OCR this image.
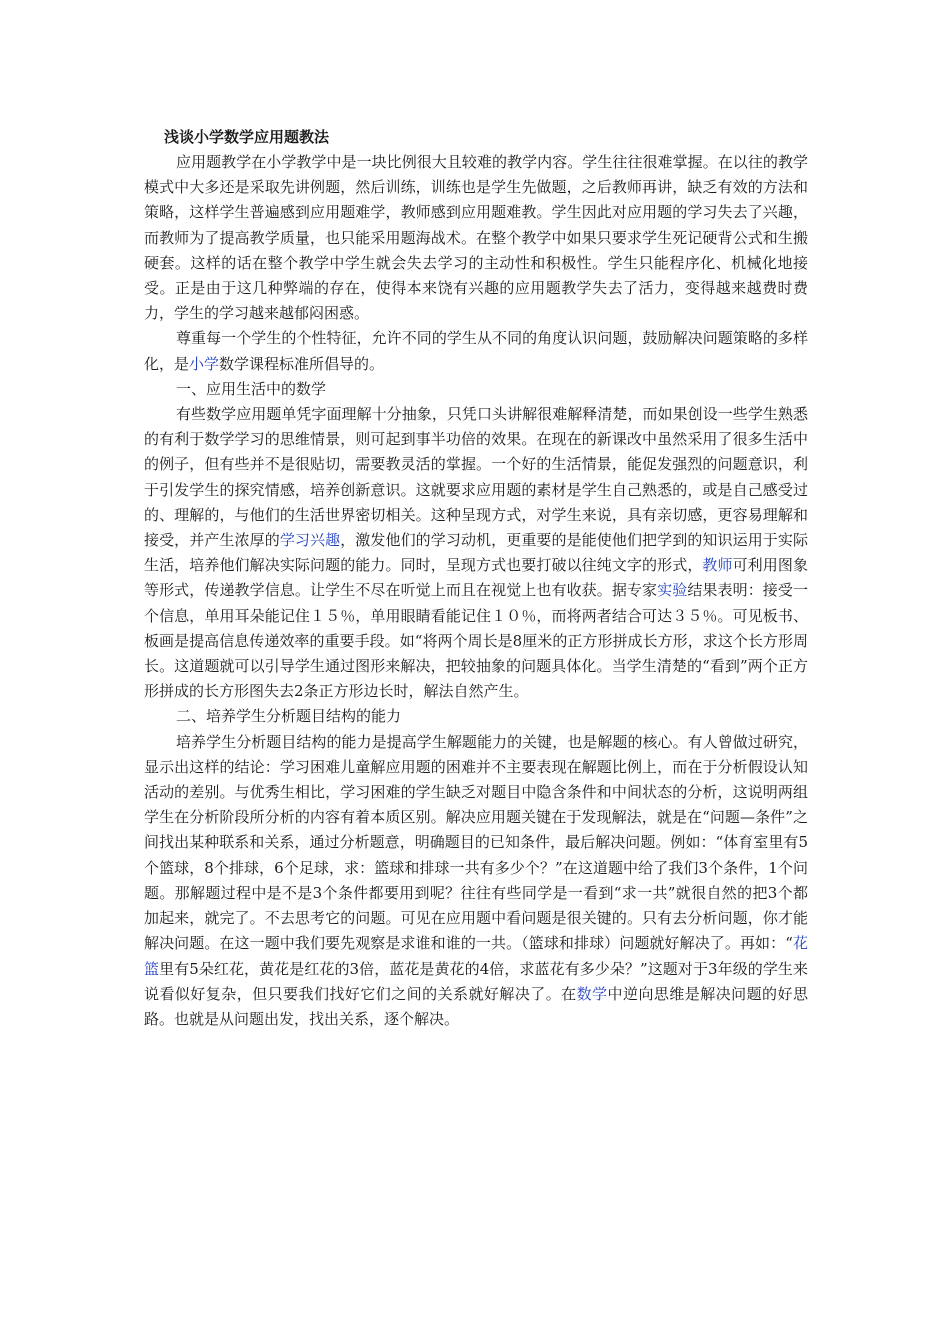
浅谈小学数学应用题教法

应用题教学在小学教学中是一块比例很大且较难的教学内容。学生往往很难掌握。在以往的教学模式中大多还是采取先讲例题，然后训练，训练也是学生先做题，之后教师再讲，缺乏有效的方法和策略，这样学生普遍感到应用题难学，教师感到应用题难教。学生因此对应用题的学习失去了兴趣，而教师为了提高教学质量，也只能采用题海战术。在整个教学中如果只要求学生死记硬背公式和生搬硬套。这样的话在整个教学中学生就会失去学习的主动性和积极性。学生只能程序化、机械化地接受。正是由于这几种弊端的存在，使得本来饶有兴趣的应用题教学失去了活力，变得越来越费时费力，学生的学习越来越郁闷困惑。

尊重每一个学生的个性特征，允许不同的学生从不同的角度认识问题，鼓励解决问题策略的多样化，是小学数学课程标准所倡导的。

一、应用生活中的数学

有些数学应用题单凭字面理解十分抽象，只凭口头讲解很难解释清楚，而如果创设一些学生熟悉的有利于数学学习的思维情景，则可起到事半功倍的效果。在现在的新课改中虽然采用了很多生活中的例子，但有些并不是很贴切，需要教灵活的掌握。一个好的生活情景，能促发强烈的问题意识，利于引发学生的探究情感，培养创新意识。这就要求应用题的素材是学生自己熟悉的，或是自己感受过的、理解的，与他们的生活世界密切相关。这种呈现方式，对学生来说，具有亲切感，更容易理解和接受，并产生浓厚的学习兴趣，激发他们的学习动机，更重要的是能使他们把学到的知识运用于实际生活，培养他们解决实际问题的能力。同时，呈现方式也要打破以往纯文字的形式，教师可利用图象等形式，传递教学信息。让学生不尽在听觉上而且在视觉上也有收获。据专家实验结果表明：接受一个信息，单用耳朵能记住１５％，单用眼睛看能记住１０％，而将两者结合可达３５％。可见板书、板画是提高信息传递效率的重要手段。如“将两个周长是8厘米的正方形拼成长方形，求这个长方形周长。这道题就可以引导学生通过图形来解决，把较抽象的问题具体化。当学生清楚的“看到”两个正方形拼成的长方形图失去2条正方形边长时，解法自然产生。

二、培养学生分析题目结构的能力

培养学生分析题目结构的能力是提高学生解题能力的关键，也是解题的核心。有人曾做过研究，显示出这样的结论：学习困难儿童解应用题的困难并不主要表现在解题比例上，而在于分析假设认知活动的差别。与优秀生相比，学习困难的学生缺乏对题目中隐含条件和中间状态的分析，这说明两组学生在分析阶段所分析的内容有着本质区别。解决应用题关键在于发现解法，就是在“问题—条件”之间找出某种联系和关系，通过分析题意，明确题目的已知条件，最后解决问题。例如：“体育室里有5个篮球，8个排球，6个足球，求：篮球和排球一共有多少个？”在这道题中给了我们3个条件，1个问题。那解题过程中是不是3个条件都要用到呢？往往有些同学是一看到“求一共”就很自然的把3个都加起来，就完了。不去思考它的问题。可见在应用题中看问题是很关键的。只有去分析问题，你才能解决问题。在这一题中我们要先观察是求谁和谁的一共。（篮球和排球）问题就好解决了。再如：“花篮里有5朵红花，黄花是红花的3倍，蓝花是黄花的4倍，求蓝花有多少朵？”这题对于3年级的学生来说看似好复杂，但只要我们找好它们之间的关系就好解决了。在数学中逆向思维是解决问题的好思路。也就是从问题出发，找出关系，逐个解决。
